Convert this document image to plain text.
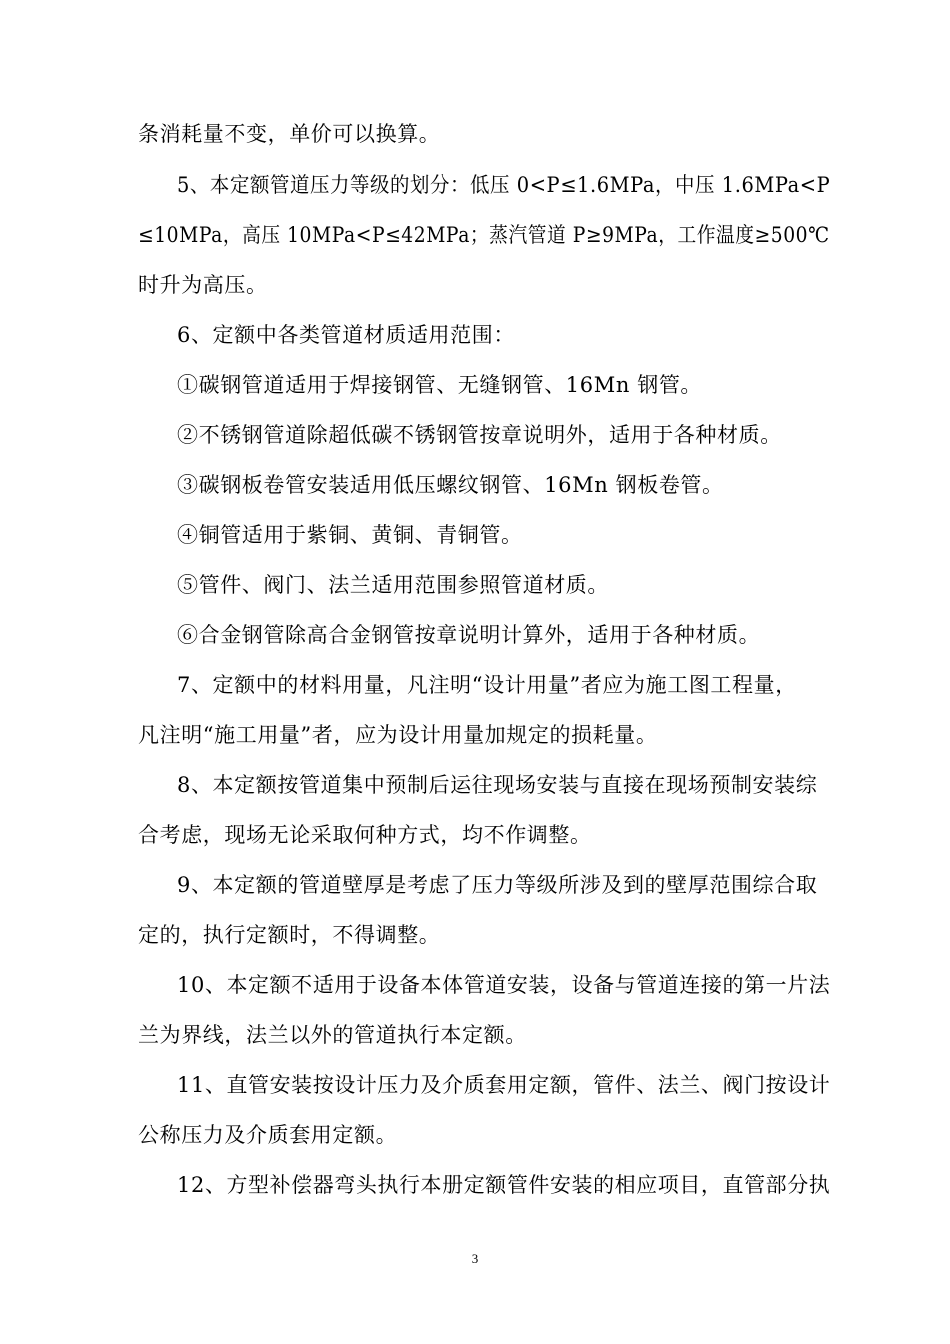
条消耗量不变，单价可以换算。
5、本定额管道压力等级的划分：低压 0<P≤1.6MPa，中压 1.6MPa<P
≤10MPa，高压 10MPa<P≤42MPa；蒸汽管道 P≥9MPa，工作温度≥500℃
时升为高压。
6、定额中各类管道材质适用范围：
①碳钢管道适用于焊接钢管、无缝钢管、16Mn 钢管。
②不锈钢管道除超低碳不锈钢管按章说明外，适用于各种材质。
③碳钢板卷管安装适用低压螺纹钢管、16Mn 钢板卷管。
④铜管适用于紫铜、黄铜、青铜管。
⑤管件、阀门、法兰适用范围参照管道材质。
⑥合金钢管除高合金钢管按章说明计算外，适用于各种材质。
7、定额中的材料用量，凡注明“设计用量”者应为施工图工程量，
凡注明“施工用量”者，应为设计用量加规定的损耗量。
8、本定额按管道集中预制后运往现场安装与直接在现场预制安装综
合考虑，现场无论采取何种方式，均不作调整。
9、本定额的管道壁厚是考虑了压力等级所涉及到的壁厚范围综合取
定的，执行定额时，不得调整。
10、本定额不适用于设备本体管道安装，设备与管道连接的第一片法
兰为界线，法兰以外的管道执行本定额。
11、直管安装按设计压力及介质套用定额，管件、法兰、阀门按设计
公称压力及介质套用定额。
12、方型补偿器弯头执行本册定额管件安装的相应项目，直管部分执
3
